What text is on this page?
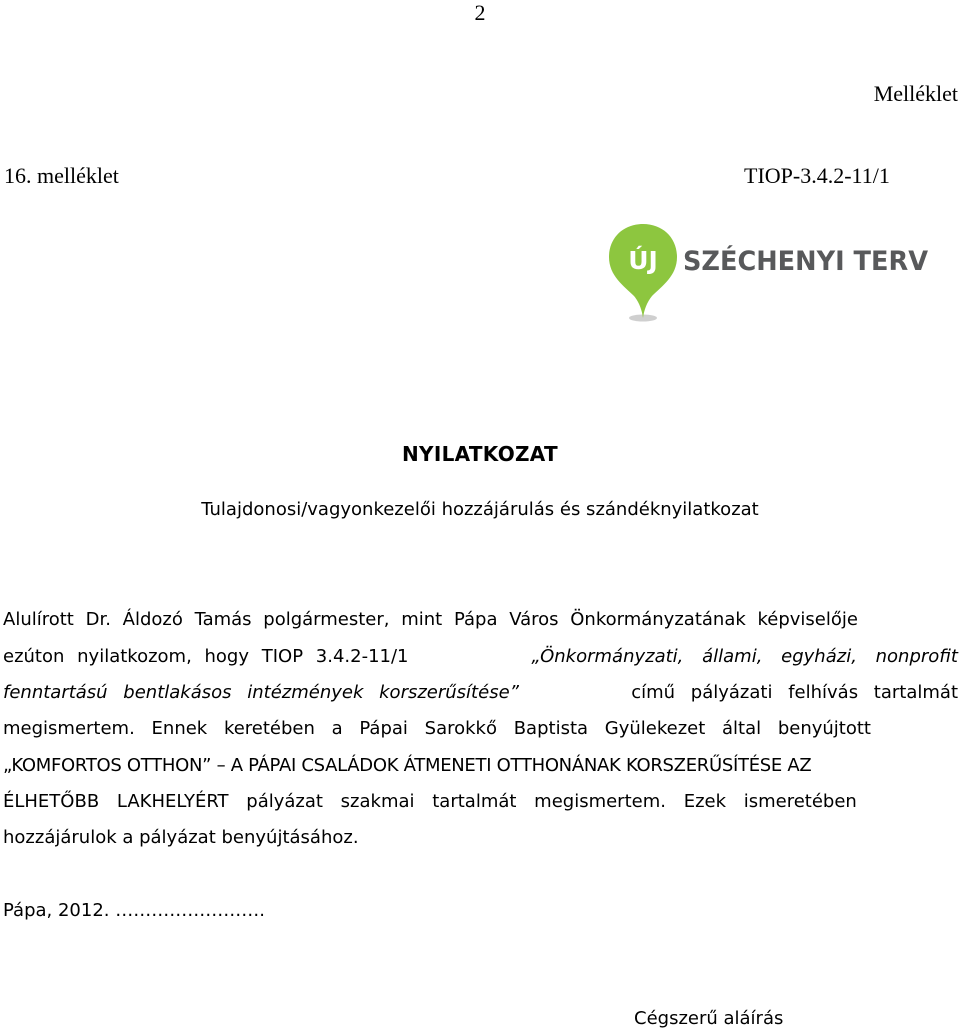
2
Melléklet
16. melléklet	TIOP-3.4.2-11/1
ÚJ SZÉCHENYI TERV
NYILATKOZAT
Tulajdonosi/vagyonkezelői hozzájárulás és szándéknyilatkozat
Alulírott Dr. Áldozó Tamás polgármester, mint Pápa Város Önkormányzatának képviselője
ezúton nyilatkozom, hogy TIOP 3.4.2-11/1	„Önkormányzati, állami, egyházi, nonprofit
fenntartású bentlakásos intézmények korszerűsítése”	című pályázati felhívás tartalmát
megismertem. Ennek keretében a Pápai Sarokkő Baptista Gyülekezet által benyújtott
„KOMFORTOS OTTHON” – A PÁPAI CSALÁDOK ÁTMENETI OTTHONÁNAK KORSZERŰSÍTÉSE AZ
ÉLHETŐBB LAKHELYÉRT pályázat szakmai tartalmát megismertem. Ezek ismeretében
hozzájárulok a pályázat benyújtásához.
Pápa, 2012. …………………….
Cégszerű aláírás
